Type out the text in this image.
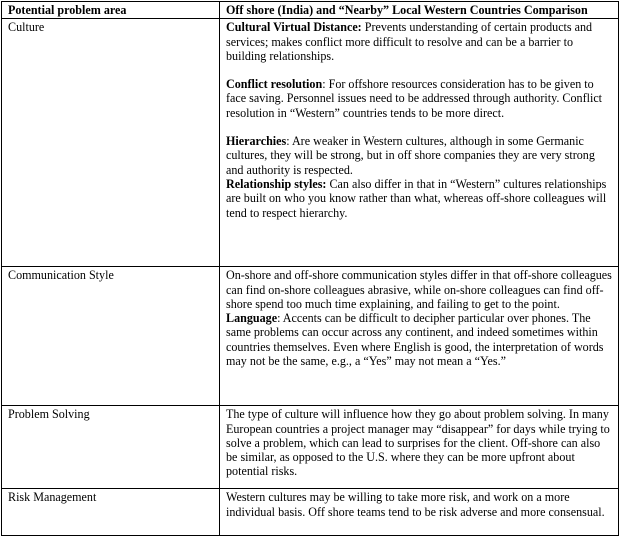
Potential problem area	Off shore (India) and “Nearby” Local Western Countries Comparison
Culture	Cultural Virtual Distance: Prevents understanding of certain products and services; makes conflict more difficult to resolve and can be a barrier to building relationships.

Conflict resolution: For offshore resources consideration has to be given to face saving. Personnel issues need to be addressed through authority. Conflict resolution in “Western” countries tends to be more direct.

Hierarchies: Are weaker in Western cultures, although in some Germanic cultures, they will be strong, but in off shore companies they are very strong and authority is respected.

Relationship styles: Can also differ in that in “Western” cultures relationships are built on who you know rather than what, whereas off-shore colleagues will tend to respect hierarchy.

Communication Style	On-shore and off-shore communication styles differ in that off-shore colleagues can find on-shore colleagues abrasive, while on-shore colleagues can find off-shore spend too much time explaining, and failing to get to the point.

Language: Accents can be difficult to decipher particular over phones. The same problems can occur across any continent, and indeed sometimes within countries themselves. Even where English is good, the interpretation of words may not be the same, e.g., a “Yes” may not mean a “Yes.”

Problem Solving	The type of culture will influence how they go about problem solving. In many European countries a project manager may “disappear” for days while trying to solve a problem, which can lead to surprises for the client. Off-shore can also be similar, as opposed to the U.S. where they can be more upfront about potential risks.

Risk Management	Western cultures may be willing to take more risk, and work on a more individual basis. Off shore teams tend to be risk adverse and more consensual.
